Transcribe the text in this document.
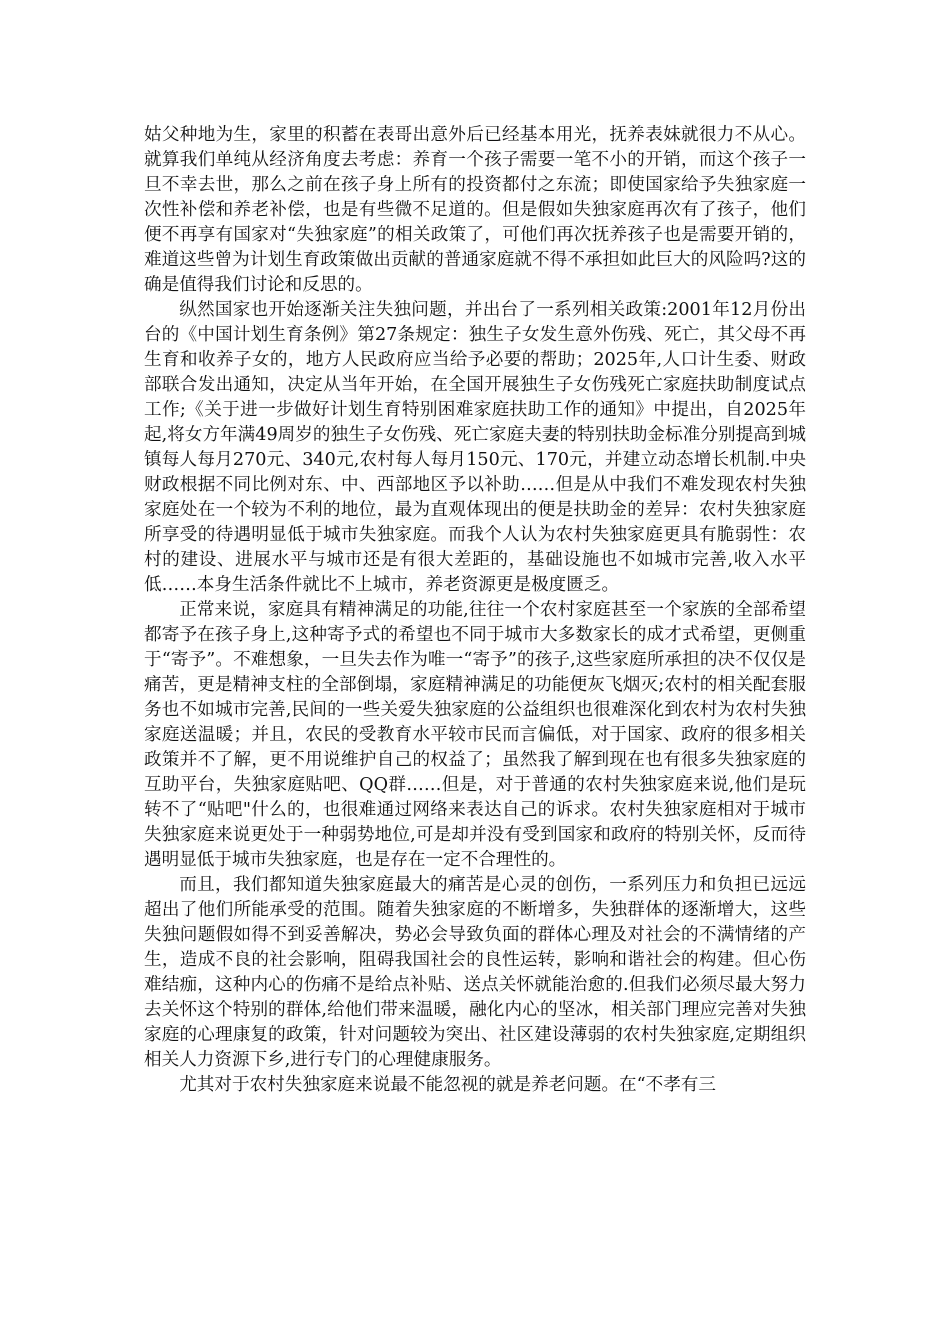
姑父种地为生，家里的积蓄在表哥出意外后已经基本用光，抚养表妹就很力不从心。就算我们单纯从经济角度去考虑：养育一个孩子需要一笔不小的开销，而这个孩子一旦不幸去世，那么之前在孩子身上所有的投资都付之东流；即使国家给予失独家庭一次性补偿和养老补偿，也是有些微不足道的。但是假如失独家庭再次有了孩子，他们便不再享有国家对“失独家庭”的相关政策了，可他们再次抚养孩子也是需要开销的，难道这些曾为计划生育政策做出贡献的普通家庭就不得不承担如此巨大的风险吗?这的确是值得我们讨论和反思的。

纵然国家也开始逐渐关注失独问题，并出台了一系列相关政策:2001年12月份出台的《中国计划生育条例》第27条规定：独生子女发生意外伤残、死亡，其父母不再生育和收养子女的，地方人民政府应当给予必要的帮助；2025年,人口计生委、财政部联合发出通知，决定从当年开始，在全国开展独生子女伤残死亡家庭扶助制度试点工作;《关于进一步做好计划生育特别困难家庭扶助工作的通知》中提出，自2025年起,将女方年满49周岁的独生子女伤残、死亡家庭夫妻的特别扶助金标准分别提高到城镇每人每月270元、340元,农村每人每月150元、170元，并建立动态增长机制.中央财政根据不同比例对东、中、西部地区予以补助……但是从中我们不难发现农村失独家庭处在一个较为不利的地位，最为直观体现出的便是扶助金的差异：农村失独家庭所享受的待遇明显低于城市失独家庭。而我个人认为农村失独家庭更具有脆弱性：农村的建设、进展水平与城市还是有很大差距的，基础设施也不如城市完善,收入水平低……本身生活条件就比不上城市，养老资源更是极度匮乏。

正常来说，家庭具有精神满足的功能,往往一个农村家庭甚至一个家族的全部希望都寄予在孩子身上,这种寄予式的希望也不同于城市大多数家长的成才式希望，更侧重于“寄予”。不难想象，一旦失去作为唯一“寄予”的孩子,这些家庭所承担的决不仅仅是痛苦，更是精神支柱的全部倒塌，家庭精神满足的功能便灰飞烟灭;农村的相关配套服务也不如城市完善,民间的一些关爱失独家庭的公益组织也很难深化到农村为农村失独家庭送温暖；并且，农民的受教育水平较市民而言偏低，对于国家、政府的很多相关政策并不了解，更不用说维护自己的权益了；虽然我了解到现在也有很多失独家庭的互助平台，失独家庭贴吧、QQ群……但是，对于普通的农村失独家庭来说,他们是玩转不了“贴吧"什么的，也很难通过网络来表达自己的诉求。农村失独家庭相对于城市失独家庭来说更处于一种弱势地位,可是却并没有受到国家和政府的特别关怀，反而待遇明显低于城市失独家庭，也是存在一定不合理性的。

而且，我们都知道失独家庭最大的痛苦是心灵的创伤，一系列压力和负担已远远超出了他们所能承受的范围。随着失独家庭的不断增多，失独群体的逐渐增大，这些失独问题假如得不到妥善解决，势必会导致负面的群体心理及对社会的不满情绪的产生，造成不良的社会影响，阻碍我国社会的良性运转，影响和谐社会的构建。但心伤难结痂，这种内心的伤痛不是给点补贴、送点关怀就能治愈的.但我们必须尽最大努力去关怀这个特别的群体,给他们带来温暖，融化内心的坚冰，相关部门理应完善对失独家庭的心理康复的政策，针对问题较为突出、社区建设薄弱的农村失独家庭,定期组织相关人力资源下乡,进行专门的心理健康服务。

尤其对于农村失独家庭来说最不能忽视的就是养老问题。在“不孝有三
